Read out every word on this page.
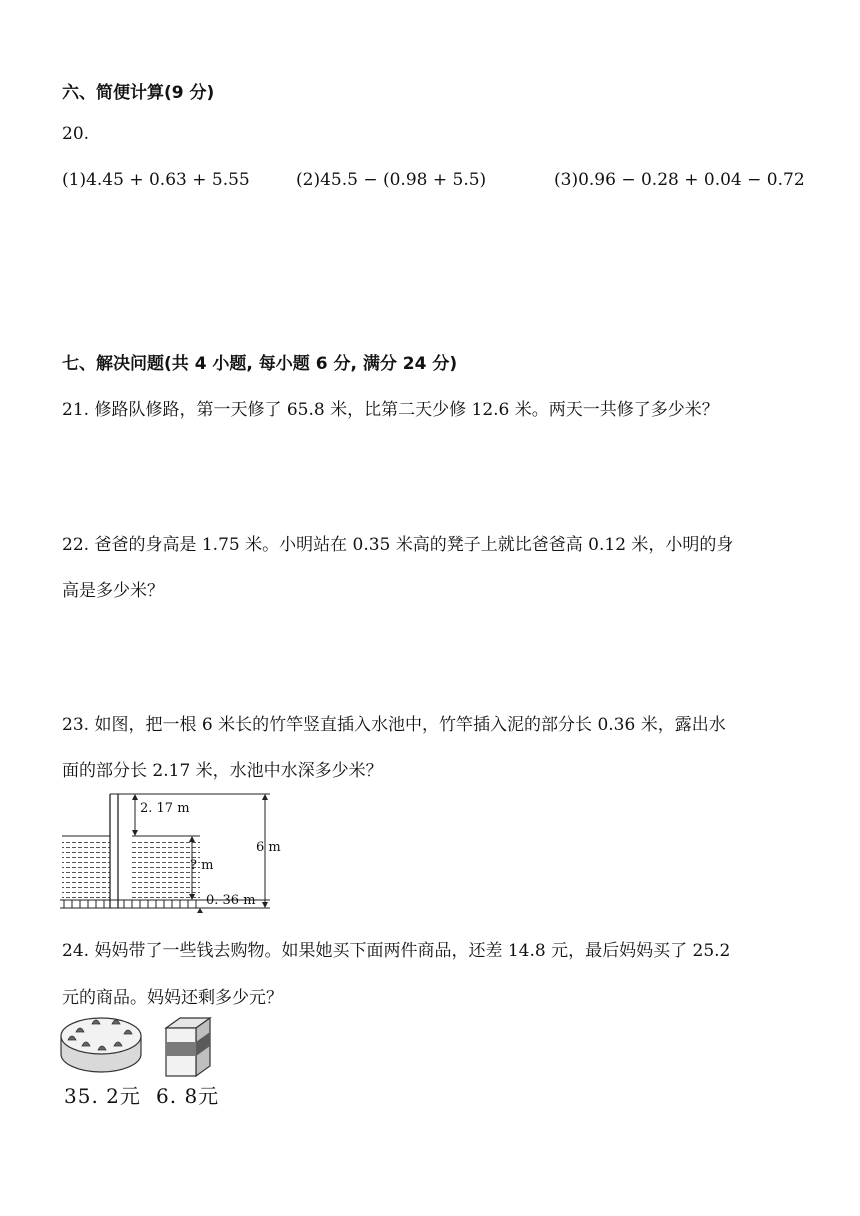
六、简便计算(9 分)
20.
(1)4.45 + 0.63 + 5.55	(2)45.5 − (0.98 + 5.5)	(3)0.96 − 0.28 + 0.04 − 0.72
七、解决问题(共 4 小题, 每小题 6 分, 满分 24 分)
21. 修路队修路，第一天修了 65.8 米，比第二天少修 12.6 米。两天一共修了多少米？
22. 爸爸的身高是 1.75 米。小明站在 0.35 米高的凳子上就比爸爸高 0.12 米，小明的身
高是多少米？
23. 如图，把一根 6 米长的竹竿竖直插入水池中，竹竿插入泥的部分长 0.36 米，露出水
面的部分长 2.17 米，水池中水深多少米？
2. 17 m
? m
0. 36 m
6 m
24. 妈妈带了一些钱去购物。如果她买下面两件商品，还差 14.8 元，最后妈妈买了 25.2
元的商品。妈妈还剩多少元？
35. 2元 6. 8元
